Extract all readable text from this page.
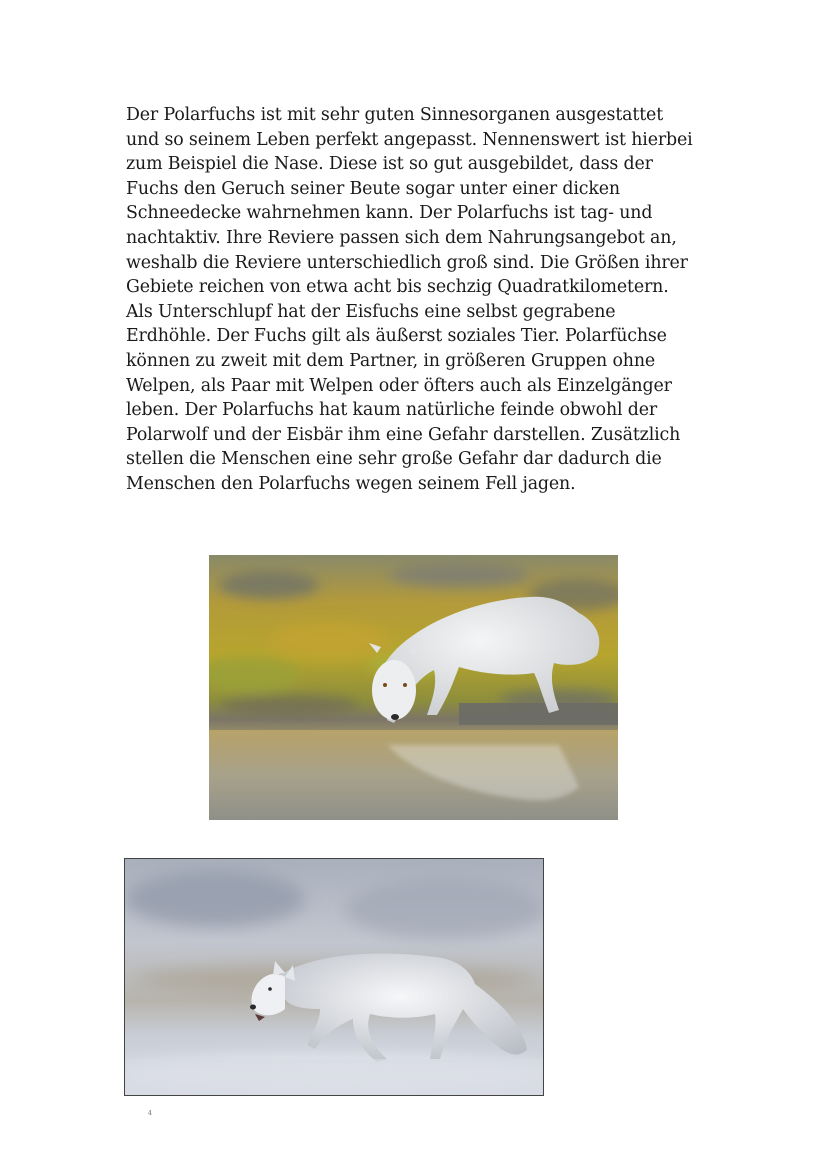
Der Polarfuchs ist mit sehr guten Sinnesorganen ausgestattet
und so seinem Leben perfekt angepasst. Nennenswert ist hierbei
zum Beispiel die Nase. Diese ist so gut ausgebildet, dass der
Fuchs den Geruch seiner Beute sogar unter einer dicken
Schneedecke wahrnehmen kann. Der Polarfuchs ist tag- und
nachtaktiv. Ihre Reviere passen sich dem Nahrungsangebot an,
weshalb die Reviere unterschiedlich groß sind. Die Größen ihrer
Gebiete reichen von etwa acht bis sechzig Quadratkilometern.
Als Unterschlupf hat der Eisfuchs eine selbst gegrabene
Erdhöhle. Der Fuchs gilt als äußerst soziales Tier. Polarfüchse
können zu zweit mit dem Partner, in größeren Gruppen ohne
Welpen, als Paar mit Welpen oder öfters auch als Einzelgänger
leben. Der Polarfuchs hat kaum natürliche feinde obwohl der
Polarwolf und der Eisbär ihm eine Gefahr darstellen. Zusätzlich
stellen die Menschen eine sehr große Gefahr dar dadurch die
Menschen den Polarfuchs wegen seinem Fell jagen.
4
